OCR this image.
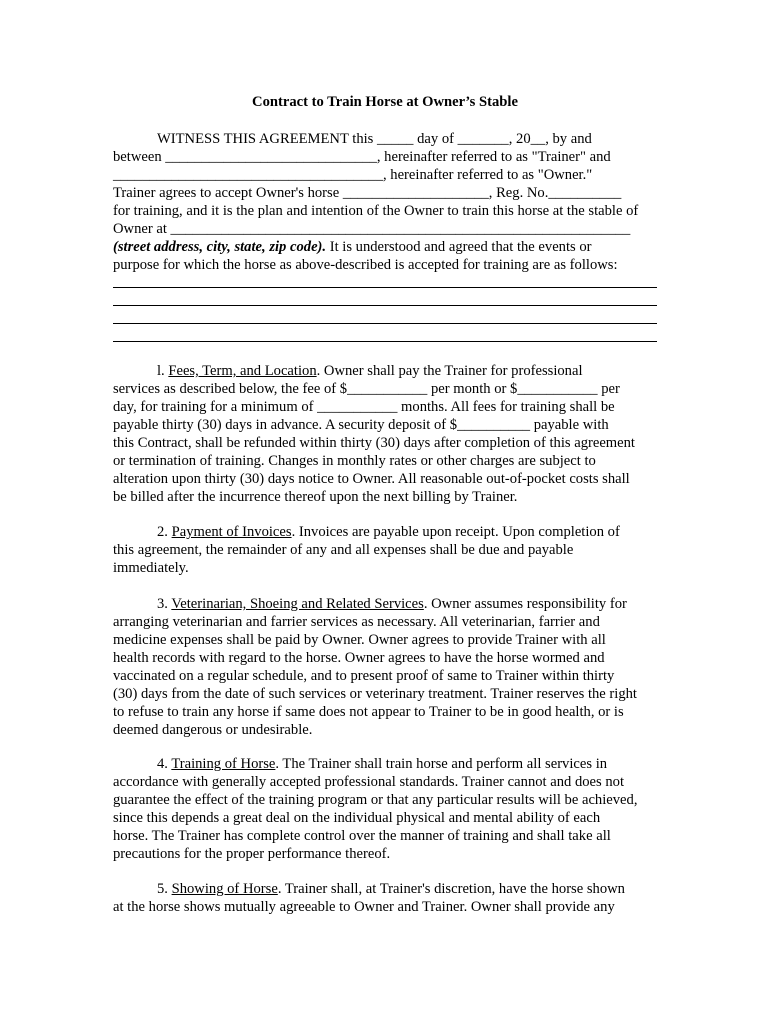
Contract to Train Horse at Owner’s Stable
WITNESS THIS AGREEMENT this _____ day of _______, 20__, by and
between _____________________________, hereinafter referred to as "Trainer" and
_____________________________________, hereinafter referred to as "Owner."
Trainer agrees to accept Owner's horse ____________________, Reg. No.__________
for training, and it is the plan and intention of the Owner to train this horse at the stable of
Owner at _______________________________________________________________
(street address, city, state, zip code). It is understood and agreed that the events or
purpose for which the horse as above-described is accepted for training are as follows:
l. Fees, Term, and Location. Owner shall pay the Trainer for professional
services as described below, the fee of $___________ per month or $___________ per
day, for training for a minimum of ___________ months. All fees for training shall be
payable thirty (30) days in advance. A security deposit of $__________ payable with
this Contract, shall be refunded within thirty (30) days after completion of this agreement
or termination of training. Changes in monthly rates or other charges are subject to
alteration upon thirty (30) days notice to Owner. All reasonable out-of-pocket costs shall
be billed after the incurrence thereof upon the next billing by Trainer.
2. Payment of Invoices. Invoices are payable upon receipt. Upon completion of
this agreement, the remainder of any and all expenses shall be due and payable
immediately.
3. Veterinarian, Shoeing and Related Services. Owner assumes responsibility for
arranging veterinarian and farrier services as necessary. All veterinarian, farrier and
medicine expenses shall be paid by Owner. Owner agrees to provide Trainer with all
health records with regard to the horse. Owner agrees to have the horse wormed and
vaccinated on a regular schedule, and to present proof of same to Trainer within thirty
(30) days from the date of such services or veterinary treatment. Trainer reserves the right
to refuse to train any horse if same does not appear to Trainer to be in good health, or is
deemed dangerous or undesirable.
4. Training of Horse. The Trainer shall train horse and perform all services in
accordance with generally accepted professional standards. Trainer cannot and does not
guarantee the effect of the training program or that any particular results will be achieved,
since this depends a great deal on the individual physical and mental ability of each
horse. The Trainer has complete control over the manner of training and shall take all
precautions for the proper performance thereof.
5. Showing of Horse. Trainer shall, at Trainer's discretion, have the horse shown
at the horse shows mutually agreeable to Owner and Trainer. Owner shall provide any
